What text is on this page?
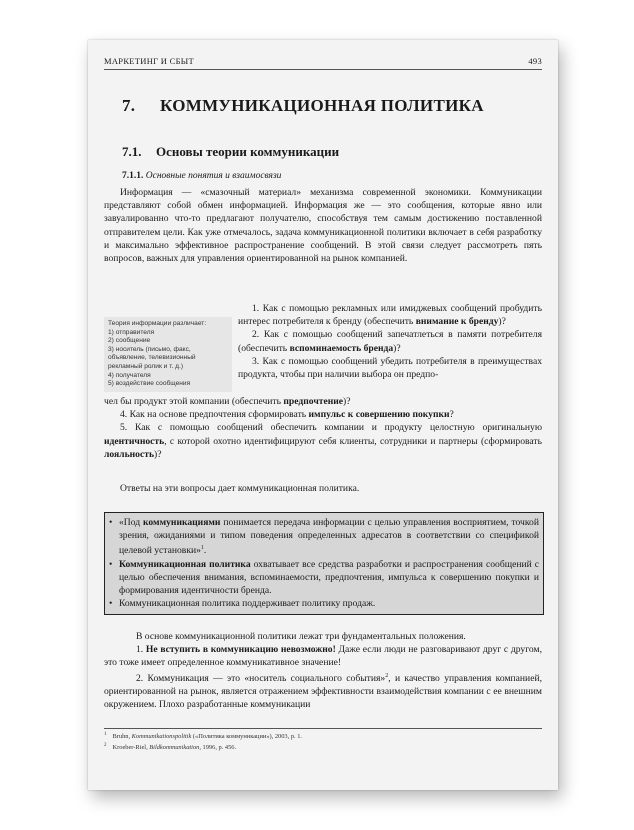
МАРКЕТИНГ И СБЫТ	493
7. КОММУНИКАЦИОННАЯ ПОЛИТИКА
7.1. Основы теории коммуникации
7.1.1. Основные понятия и взаимосвязи

Информация — «смазочный материал» механизма современной экономики. Коммуникации представляют собой обмен информацией. Информация же — это сообщения, которые явно или завуалированно что-то предлагают получателю, способствуя тем самым достижению поставленной отправителем цели. Как уже отмечалось, задача коммуникационной политики включает в себя разработку и максимально эффективное распространение сообщений. В этой связи следует рассмотреть пять вопросов, важных для управления ориентированной на рынок компанией.

Теория информации различает:
1) отправителя
2) сообщение
3) носитель (письмо, факс,
объявление, телевизионный
рекламный ролик и т. д.)
4) получателя
5) воздействие сообщения

1. Как с помощью рекламных или имиджевых сообщений пробудить интерес потребителя к бренду (обеспечить внимание к бренду)?

2. Как с помощью сообщений запечатлеться в памяти потребителя (обеспечить вспоминаемость бренда)?

3. Как с помощью сообщений убедить потребителя в преимуществах продукта, чтобы при наличии выбора он предпо-

чел бы продукт этой компании (обеспечить предпочтение)?

4. Как на основе предпочтения сформировать импульс к совершению покупки?

5. Как с помощью сообщений обеспечить компании и продукту целостную оригинальную идентичность, с которой охотно идентифицируют себя клиенты, сотрудники и партнеры (сформировать лояльность)?

Ответы на эти вопросы дает коммуникационная политика.
• «Под коммуникациями понимается передача информации с целью управления восприятием, точкой зрения, ожиданиями и типом поведения определенных адресатов в соответствии со спецификой целевой установки»$^1$.
• Коммуникационная политика охватывает все средства разработки и распространения сообщений с целью обеспечения внимания, вспоминаемости, предпочтения, импульса к совершению покупки и формирования идентичности бренда.
• Коммуникационная политика поддерживает политику продаж.

В основе коммуникационной политики лежат три фундаментальных положения.

1. Не вступить в коммуникацию невозможно! Даже если люди не разговаривают друг с другом, это тоже имеет определенное коммуникативное значение!

2. Коммуникация — это «носитель социального события»$^2$, и качество управления компанией, ориентированной на рынок, является отражением эффективности взаимодействия компании с ее внешним окружением. Плохо разработанные коммуникации

$^1$ Bruhn, Kommunikationspolitik («Политика коммуникации»), 2003, p. 1.
$^2$ Kroeber-Riel, Bildkommunikation, 1996, p. 456.
